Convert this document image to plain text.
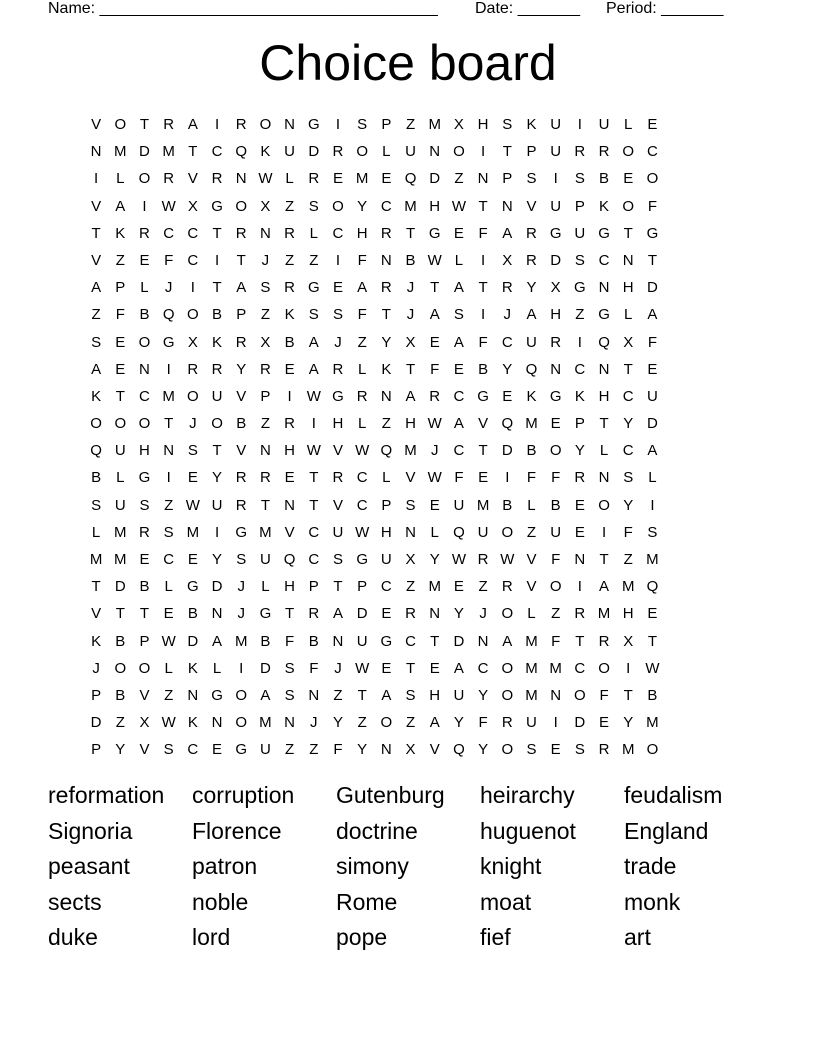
Name: ______________________________________ Date: _______ Period: _______
Choice board
V O T R A	I	R O N G	I	S P Z M X H S K U	I	U L	E
N M D M T C Q K U D R O L U N O	I	T P U R R O C
I	L O R V R N W L R E M E Q D Z N P S	I	S B E O
V A	I	W X G O X Z S O Y C M H W T N V U P K O F
T K R C C T R N R L C H R T G E F A R G U G T G
V Z E F C	I	T	J	Z	Z	I	F N B W L	I	X R D S C N T
A P	L	J	I	T A S R G E A R	J	T A T R Y X G N H D
Z	F B Q O B P Z K S S F	T	J	A S	I	J	A H Z G L	A
S E O G X K R X B A	J	Z Y X E A F C U R	I	Q X F
A E N	I	R R Y R E A R L	K T	F E B Y Q N C N T E
K T C M O U V P	I	W G R N A R C G E K G K H C U
O O O T	J O B Z R	I	H L	Z H W A V Q M E P T Y D
Q U H N S T V N H W V W Q M J	C T D B O Y	L C A
B	L G	I	E Y R R E T R C L	V W F E	I	F	F R N S	L
S U S Z W U R T N T V C P S E U M B	L	B E O Y	I
L M R S M	I	G M V C U W H N L Q U O Z U E	I	F S
M M E C E Y S U Q C S G U X Y W R W V F N T	Z M
T D B	L G D	J	L H P T P C Z M E Z R V O	I	A M Q
V T	T E B N	J G T R A D E R N Y	J O L	Z R M H E
K B P W D A M B F B N U G C T D N A M F	T R X T
J O O L	K	L	I	D S F	J W E T E A C O M M C O	I	W
P B V Z N G O A S N Z	T A S H U Y O M N O F	T B
D Z X W K N O M N	J	Y Z O Z A Y F R U	I	D E Y M
P Y V S C E G U Z	Z	F Y N X V Q Y O S E S R M O
reformation	corruption	Gutenburg	heirarchy	feudalism
Signoria	Florence	doctrine	huguenot	England
peasant	patron	simony	knight	trade
sects	noble	Rome	moat	monk
duke	lord	pope	fief	art
